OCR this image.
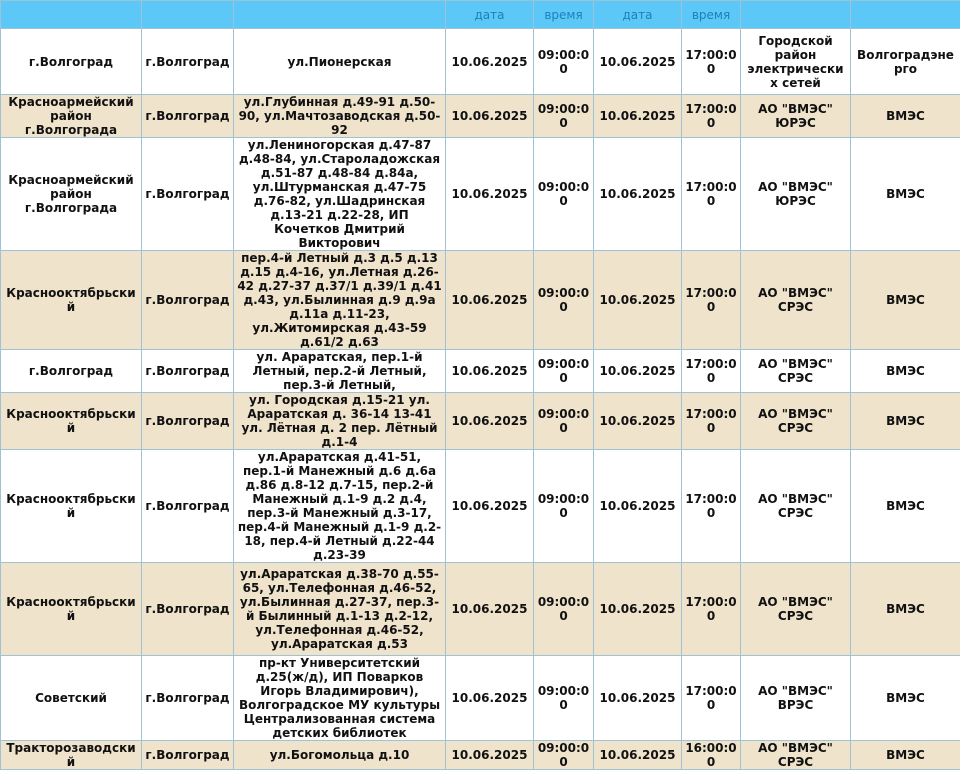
			дата	время	дата	время		
г.Волгоград	г.Волгоград	ул.Пионерская	10.06.2025	09:00:00	10.06.2025	17:00:00	Городской район электрических сетей	Волгоградэнерго
Красноармейский район г.Волгограда	г.Волгоград	ул.Глубинная д.49-91 д.50-90, ул.Мачтозаводская д.50-92	10.06.2025	09:00:00	10.06.2025	17:00:00	АО "ВМЭС" ЮРЭС	ВМЭС
Красноармейский район г.Волгограда	г.Волгоград	ул.Лениногорская д.47-87 д.48-84, ул.Староладожская д.51-87 д.48-84 д.84а, ул.Штурманская д.47-75 д.76-82, ул.Шадринская д.13-21 д.22-28, ИП Кочетков Дмитрий Викторович	10.06.2025	09:00:00	10.06.2025	17:00:00	АО "ВМЭС" ЮРЭС	ВМЭС
Краснооктябрьский	г.Волгоград	пер.4-й Летный д.3 д.5 д.13 д.15 д.4-16, ул.Летная д.26-42 д.27-37 д.37/1 д.39/1 д.41 д.43, ул.Былинная д.9 д.9а д.11а д.11-23, ул.Житомирская д.43-59 д.61/2 д.63	10.06.2025	09:00:00	10.06.2025	17:00:00	АО "ВМЭС" СРЭС	ВМЭС
г.Волгоград	г.Волгоград	ул. Араратская, пер.1-й Летный, пер.2-й Летный, пер.3-й Летный,	10.06.2025	09:00:00	10.06.2025	17:00:00	АО "ВМЭС" СРЭС	ВМЭС
Краснооктябрьский	г.Волгоград	ул. Городская д.15-21 ул. Араратская д. 36-14 13-41 ул. Лётная д. 2 пер. Лётный д.1-4	10.06.2025	09:00:00	10.06.2025	17:00:00	АО "ВМЭС" СРЭС	ВМЭС
Краснооктябрьский	г.Волгоград	ул.Араратская д.41-51, пер.1-й Манежный д.6 д.6а д.86 д.8-12 д.7-15, пер.2-й Манежный д.1-9 д.2 д.4, пер.3-й Манежный д.3-17, пер.4-й Манежный д.1-9 д.2-18, пер.4-й Летный д.22-44 д.23-39	10.06.2025	09:00:00	10.06.2025	17:00:00	АО "ВМЭС" СРЭС	ВМЭС
Краснооктябрьский	г.Волгоград	ул.Араратская д.38-70 д.55-65, ул.Телефонная д.46-52, ул.Былинная д.27-37, пер.3-й Былинный д.1-13 д.2-12, ул.Телефонная д.46-52, ул.Араратская д.53	10.06.2025	09:00:00	10.06.2025	17:00:00	АО "ВМЭС" СРЭС	ВМЭС
Советский	г.Волгоград	пр-кт Университетский д.25(ж/д), ИП Поварков Игорь Владимирович), Волгоградское МУ культуры Централизованная система детских библиотек	10.06.2025	09:00:00	10.06.2025	17:00:00	АО "ВМЭС" ВРЭС	ВМЭС
Тракторозаводский	г.Волгоград	ул.Богомольца д.10	10.06.2025	09:00:00	10.06.2025	16:00:00	АО "ВМЭС" СРЭС	ВМЭС
